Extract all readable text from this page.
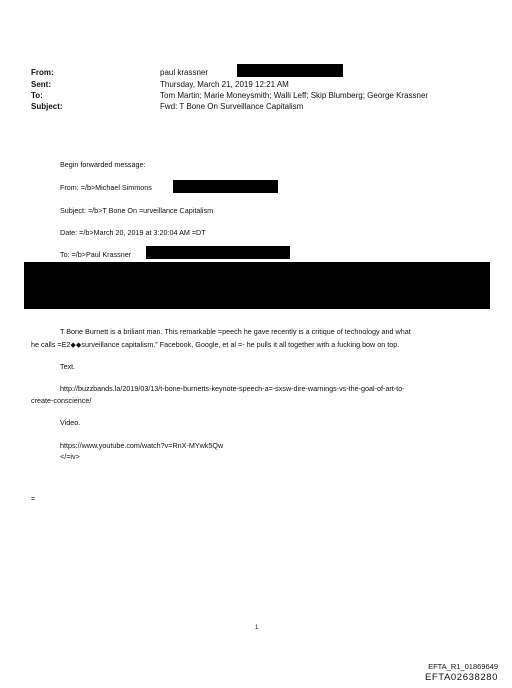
From:	paul krassner
Sent:	Thursday, March 21, 2019 12:21 AM
To:	Tom Martin; Marie Moneysmith; Walli Leff; Skip Blumberg; George Krassner
Subject:	Fwd: T Bone On Surveillance Capitalism
Begin forwarded message:
From: =/b>Michael Simmons
Subject: =/b>T Bone On =urveillance Capitalism
Date: =/b>March 20, 2019 at 3:20:04 AM =DT
To: =/b>Paul Krassner
T Bone Burnett is a briliant man. This remarkable =peech he gave recently is a critique of technology and what
he calls =E2◆◆surveillance capitalism.” Facebook, Google, et al =- he pulls it all together with a fucking bow on top.
Text.
http://buzzbands.la/2019/03/13/t-bone-burnetts-keynote-speech-a=-sxsw-dire-warnings-vs-the-goal-of-art-to-
create-conscience/
Video.
https://www.youtube.com/watch?v=RnX-MYwk5Qw
</=iv>
=
1
EFTA_R1_01869649
EFTA02638280
